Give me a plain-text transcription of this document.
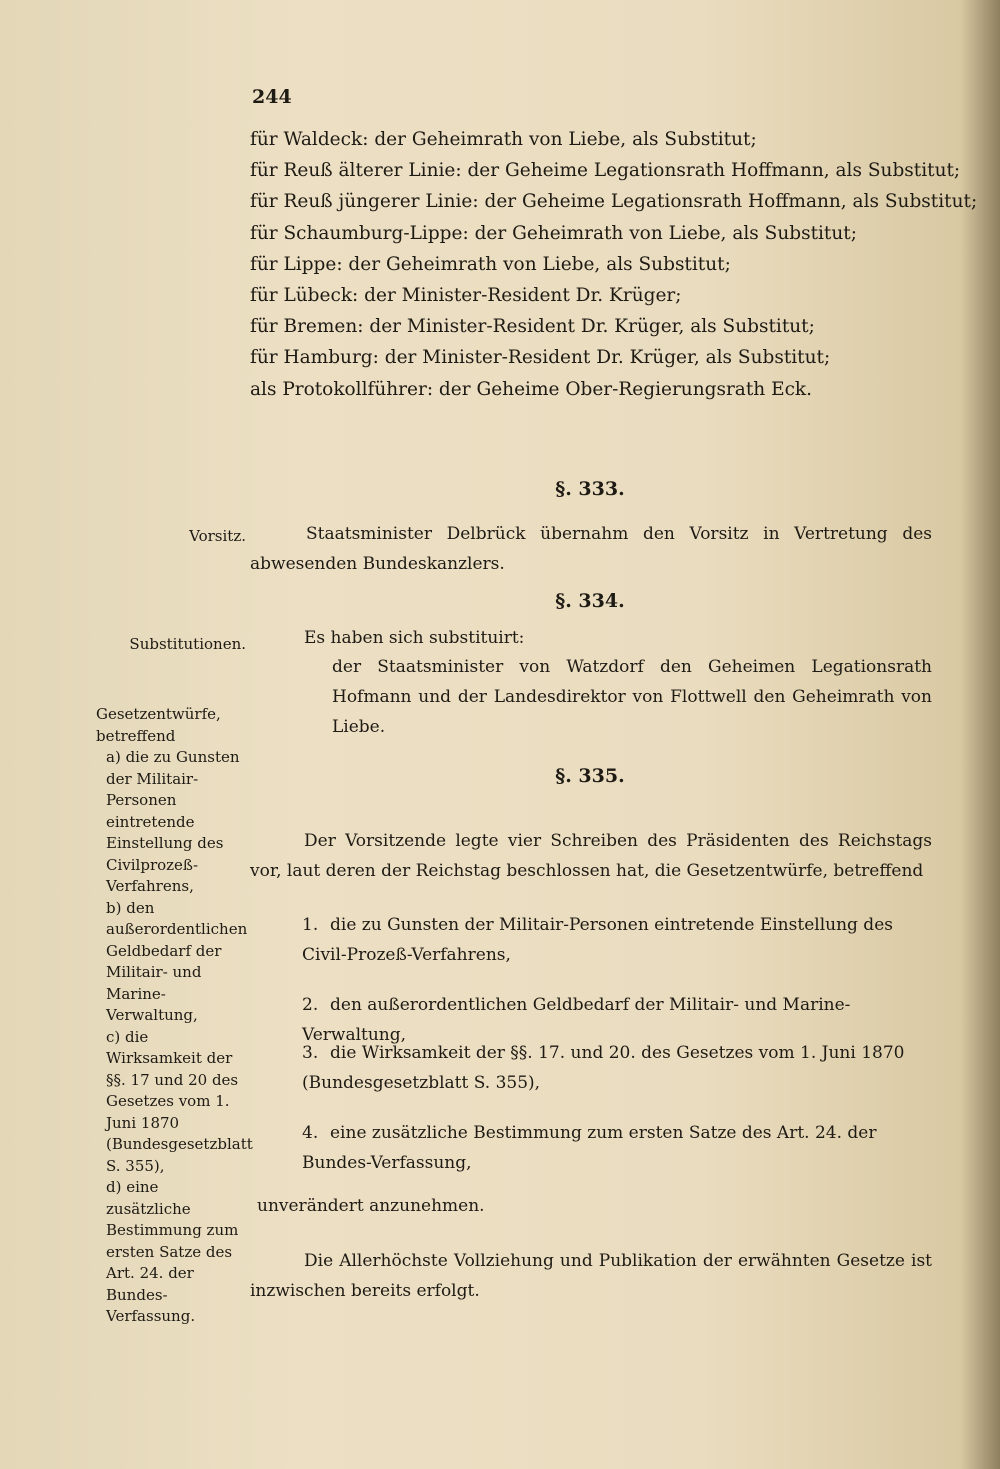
244
für Waldeck: der Geheimrath von Liebe, als Substitut;
für Reuß älterer Linie: der Geheime Legationsrath Hoffmann, als Substitut;
für Reuß jüngerer Linie: der Geheime Legationsrath Hoffmann, als Substitut;
für Schaumburg-Lippe: der Geheimrath von Liebe, als Substitut;
für Lippe: der Geheimrath von Liebe, als Substitut;
für Lübeck: der Minister-Resident Dr. Krüger;
für Bremen: der Minister-Resident Dr. Krüger, als Substitut;
für Hamburg: der Minister-Resident Dr. Krüger, als Substitut;
als Protokollführer: der Geheime Ober-Regierungsrath Eck.
§. 333.
Vorsitz.	Staatsminister Delbrück übernahm den Vorsitz in Vertretung des abwesenden Bundeskanzlers.
§. 334.
Substitutionen.	Es haben sich substituirt:
der Staatsminister von Watzdorf den Geheimen Legationsrath Hofmann und der Landesdirektor von Flottwell den Geheimrath von Liebe.
§. 335.
Gesetzentwürfe, betreffend
a) die zu Gunsten der Militair-Personen eintretende Einstellung des Civilprozeß-Verfahrens,
b) den außerordentlichen Geldbedarf der Militair- und Marine-Verwaltung,
c) die Wirksamkeit der §§. 17 und 20 des Gesetzes vom 1. Juni 1870 (Bundesgesetzblatt S. 355),
d) eine zusätzliche Bestimmung zum ersten Satze des Art. 24. der Bundes-Verfassung.
Der Vorsitzende legte vier Schreiben des Präsidenten des Reichstags vor, laut deren der Reichstag beschlossen hat, die Gesetzentwürfe, betreffend
1. die zu Gunsten der Militair-Personen eintretende Einstellung des Civil-Prozeß-Verfahrens,
2. den außerordentlichen Geldbedarf der Militair- und Marine-Verwaltung,
3. die Wirksamkeit der §§. 17. und 20. des Gesetzes vom 1. Juni 1870 (Bundesgesetzblatt S. 355),
4. eine zusätzliche Bestimmung zum ersten Satze des Art. 24. der Bundes-Verfassung,
unverändert anzunehmen.
Die Allerhöchste Vollziehung und Publikation der erwähnten Gesetze ist inzwischen bereits erfolgt.
